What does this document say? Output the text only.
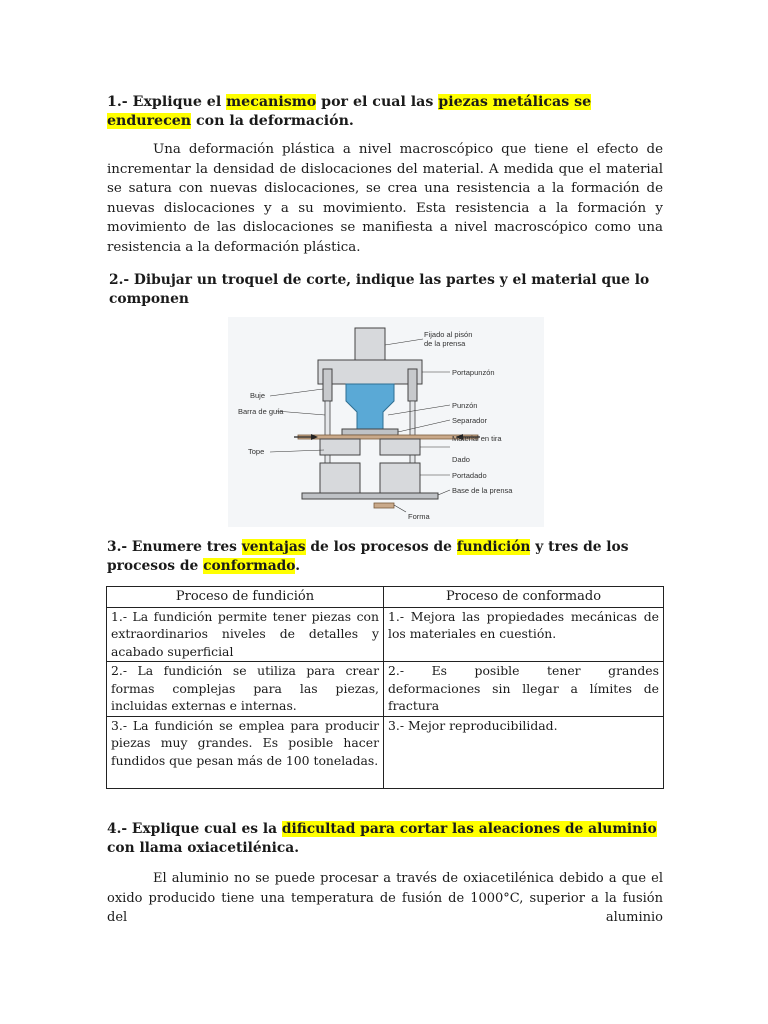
1.- Explique el mecanismo por el cual las piezas metálicas se endurecen con la deformación.
Una deformación plástica a nivel macroscópico que tiene el efecto de incrementar la densidad de dislocaciones del material. A medida que el material se satura con nuevas dislocaciones, se crea una resistencia a la formación de nuevas dislocaciones y a su movimiento. Esta resistencia a la formación y movimiento de las dislocaciones se manifiesta a nivel macroscópico como una resistencia a la deformación plástica.
2.- Dibujar un troquel de corte, indique las partes y el material que lo componen
Fijado al pisón
de la prensa
Portapunzón
Punzón
Separador
Material en tira
Dado
Portadado
Base de la prensa
Forma
Buje
Barra de guía
Tope
3.- Enumere tres ventajas de los procesos de fundición y tres de los procesos de conformado.
Proceso de fundición	Proceso de conformado
1.- La fundición permite tener piezas con extraordinarios niveles de detalles y acabado superficial	1.- Mejora las propiedades mecánicas de los materiales en cuestión.
2.- La fundición se utiliza para crear formas complejas para las piezas, incluidas externas e internas.	2.- Es posible tener grandes deformaciones sin llegar a límites de fractura
3.- La fundición se emplea para producir piezas muy grandes. Es posible hacer fundidos que pesan más de 100 toneladas.	3.- Mejor reproducibilidad.
4.- Explique cual es la dificultad para cortar las aleaciones de aluminio con llama oxiacetilénica.
El aluminio no se puede procesar a través de oxiacetilénica debido a que el oxido producido tiene una temperatura de fusión de 1000°C, superior a la fusión del aluminio
